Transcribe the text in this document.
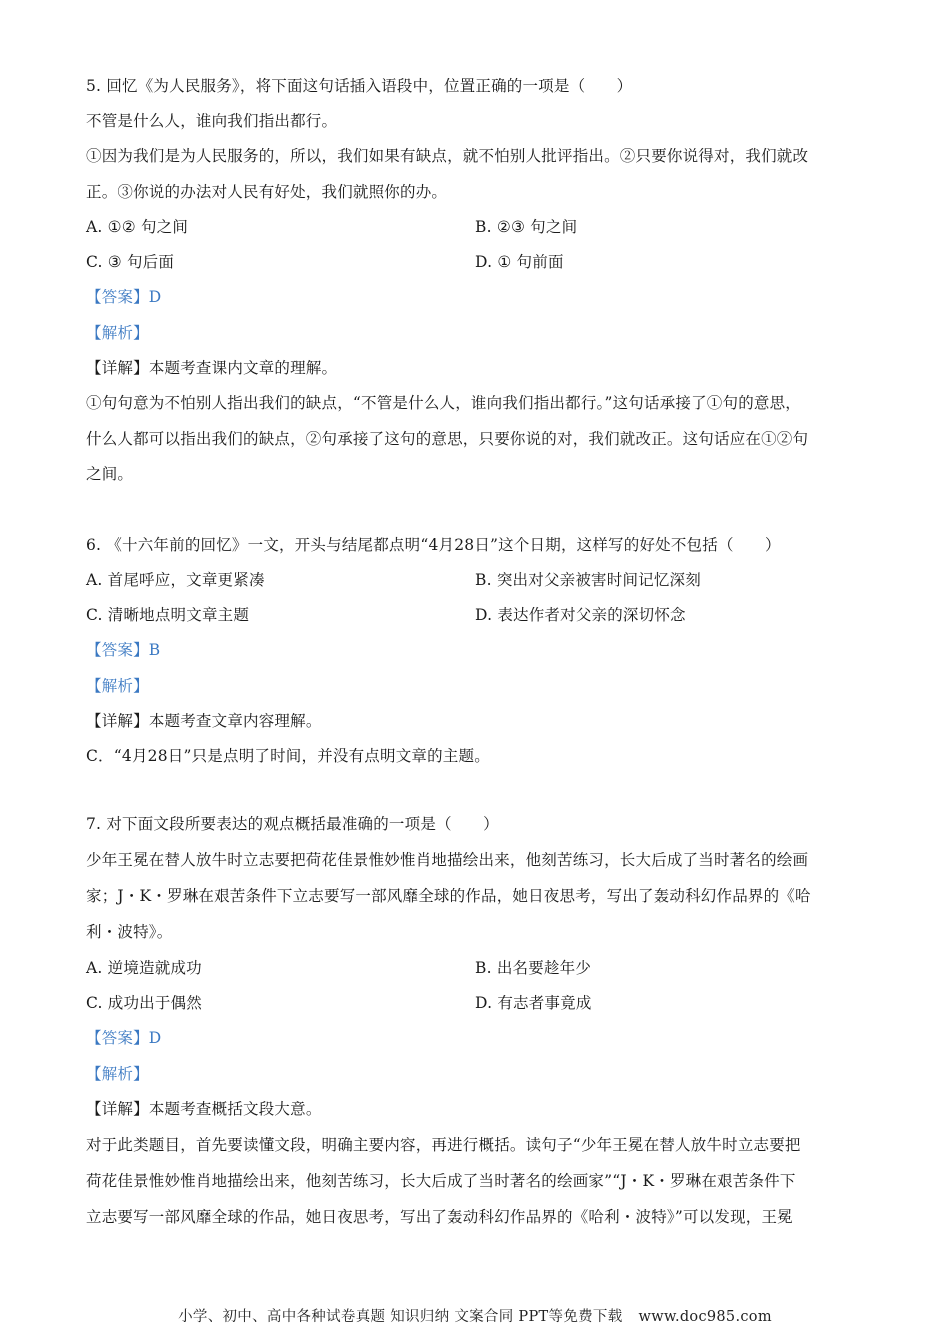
5. 回忆《为人民服务》，将下面这句话插入语段中，位置正确的一项是（　　）
不管是什么人，谁向我们指出都行。
①因为我们是为人民服务的，所以，我们如果有缺点，就不怕别人批评指出。②只要你说得对，我们就改
正。③你说的办法对人民有好处，我们就照你的办。
A. ①② 句之间	B. ②③ 句之间
C. ③ 句后面	D. ① 句前面
【答案】D
【解析】
【详解】本题考查课内文章的理解。
①句句意为不怕别人指出我们的缺点，“不管是什么人，谁向我们指出都行。”这句话承接了①句的意思，
什么人都可以指出我们的缺点，②句承接了这句的意思，只要你说的对，我们就改正。这句话应在①②句
之间。
6. 《十六年前的回忆》一文，开头与结尾都点明“4月28日”这个日期，这样写的好处不包括（　　）
A. 首尾呼应，文章更紧凑	B. 突出对父亲被害时间记忆深刻
C. 清晰地点明文章主题	D. 表达作者对父亲的深切怀念
【答案】B
【解析】
【详解】本题考查文章内容理解。
C．“4月28日”只是点明了时间，并没有点明文章的主题。
7. 对下面文段所要表达的观点概括最准确的一项是（　　）
少年王冕在替人放牛时立志要把荷花佳景惟妙惟肖地描绘出来，他刻苦练习，长大后成了当时著名的绘画
家；J・K・罗琳在艰苦条件下立志要写一部风靡全球的作品，她日夜思考，写出了轰动科幻作品界的《哈
利・波特》。
A. 逆境造就成功	B. 出名要趁年少
C. 成功出于偶然	D. 有志者事竟成
【答案】D
【解析】
【详解】本题考查概括文段大意。
对于此类题目，首先要读懂文段，明确主要内容，再进行概括。读句子“少年王冕在替人放牛时立志要把
荷花佳景惟妙惟肖地描绘出来，他刻苦练习，长大后成了当时著名的绘画家”“J・K・罗琳在艰苦条件下
立志要写一部风靡全球的作品，她日夜思考，写出了轰动科幻作品界的《哈利・波特》”可以发现，王冕
小学、初中、高中各种试卷真题 知识归纳 文案合同 PPT等免费下载 www.doc985.com
